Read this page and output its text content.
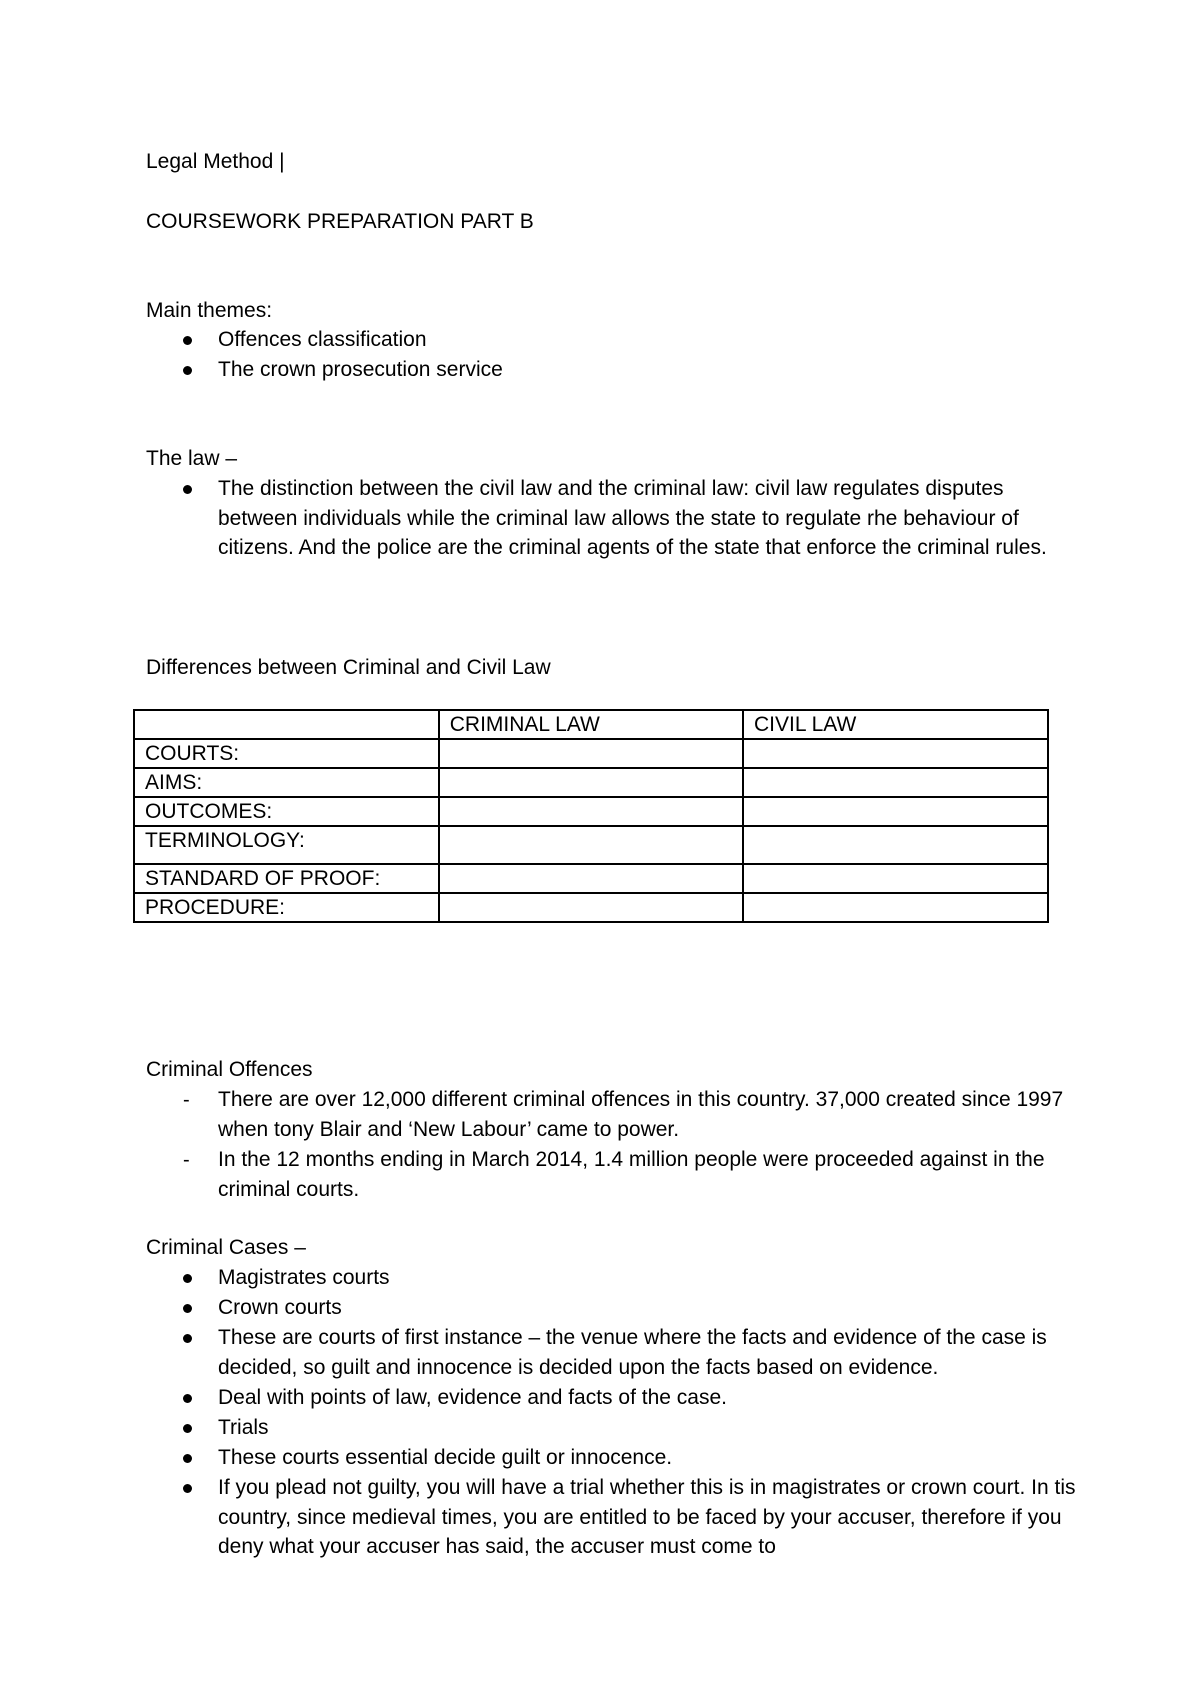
Legal Method |
COURSEWORK PREPARATION PART B
Main themes:
Offences classification
The crown prosecution service
The law –
The distinction between the civil law and the criminal law: civil law regulates disputes between individuals while the criminal law allows the state to regulate rhe behaviour of citizens. And the police are the criminal agents of the state that enforce the criminal rules.
Differences between Criminal and Civil Law
	CRIMINAL LAW	CIVIL LAW
COURTS:		
AIMS:		
OUTCOMES:		
TERMINOLOGY:		
STANDARD OF PROOF:		
PROCEDURE:		
Criminal Offences
- There are over 12,000 different criminal offences in this country. 37,000 created since 1997 when tony Blair and ‘New Labour’ came to power.
- In the 12 months ending in March 2014, 1.4 million people were proceeded against in the criminal courts.
Criminal Cases –
Magistrates courts
Crown courts
These are courts of first instance – the venue where the facts and evidence of the case is decided, so guilt and innocence is decided upon the facts based on evidence.
Deal with points of law, evidence and facts of the case.
Trials
These courts essential decide guilt or innocence.
If you plead not guilty, you will have a trial whether this is in magistrates or crown court. In tis country, since medieval times, you are entitled to be faced by your accuser, therefore if you deny what your accuser has said, the accuser must come to
